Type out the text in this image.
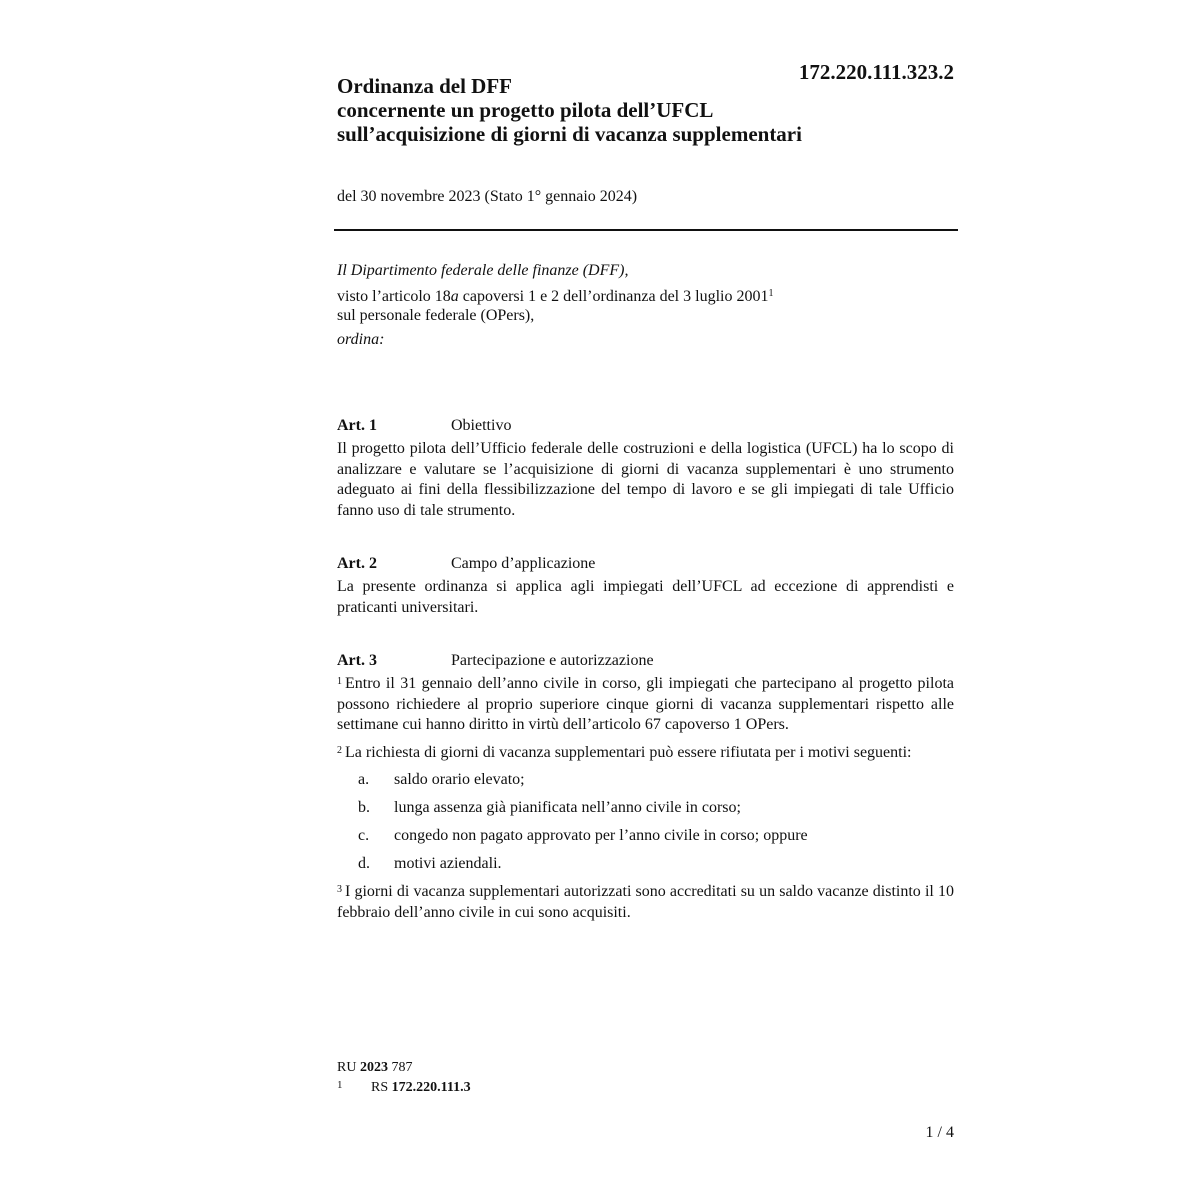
172.220.111.323.2
Ordinanza del DFF
concernente un progetto pilota dell’UFCL
sull’acquisizione di giorni di vacanza supplementari
del 30 novembre 2023 (Stato 1° gennaio 2024)
Il Dipartimento federale delle finanze (DFF),
visto l’articolo 18a capoversi 1 e 2 dell’ordinanza del 3 luglio 2001$^1$
sul personale federale (OPers),
ordina:
Art. 1	Obiettivo
Il progetto pilota dell’Ufficio federale delle costruzioni e della logistica (UFCL) ha lo scopo di analizzare e valutare se l’acquisizione di giorni di vacanza supplementari è uno strumento adeguato ai fini della flessibilizzazione del tempo di lavoro e se gli impiegati di tale Ufficio fanno uso di tale strumento.
Art. 2	Campo d’applicazione
La presente ordinanza si applica agli impiegati dell’UFCL ad eccezione di apprendisti e praticanti universitari.
Art. 3	Partecipazione e autorizzazione

$^1$ Entro il 31 gennaio dell’anno civile in corso, gli impiegati che partecipano al progetto pilota possono richiedere al proprio superiore cinque giorni di vacanza supplementari rispetto alle settimane cui hanno diritto in virtù dell’articolo 67 capoverso 1 OPers.

$^2$ La richiesta di giorni di vacanza supplementari può essere rifiutata per i motivi seguenti:

a.	saldo orario elevato;
b.	lunga assenza già pianificata nell’anno civile in corso;
c.	congedo non pagato approvato per l’anno civile in corso; oppure
d.	motivi aziendali.

$^3$ I giorni di vacanza supplementari autorizzati sono accreditati su un saldo vacanze distinto il 10 febbraio dell’anno civile in cui sono acquisiti.

RU 2023 787
1	RS 172.220.111.3
1 / 4
